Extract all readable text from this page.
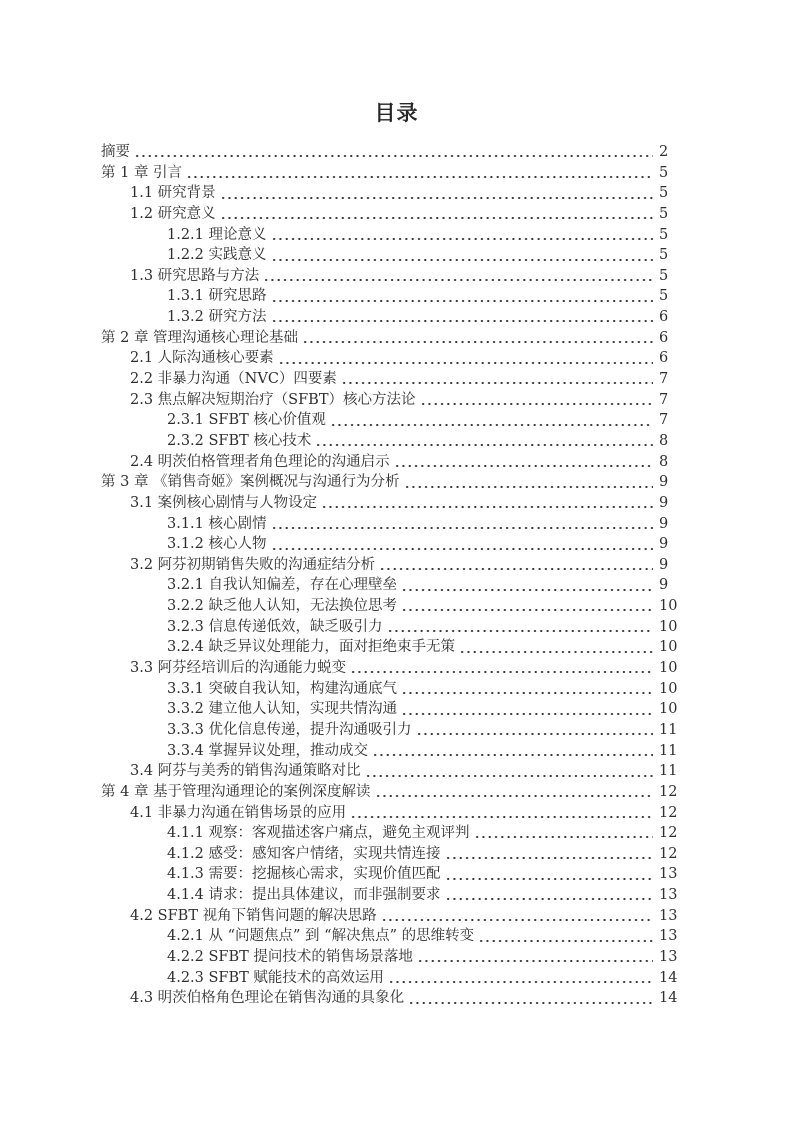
目录
摘要	2
第 1 章 引言	5
1.1 研究背景	5
1.2 研究意义	5
1.2.1 理论意义	5
1.2.2 实践意义	5
1.3 研究思路与方法	5
1.3.1 研究思路	5
1.3.2 研究方法	6
第 2 章 管理沟通核心理论基础	6
2.1 人际沟通核心要素	6
2.2 非暴力沟通（NVC）四要素	7
2.3 焦点解决短期治疗（SFBT）核心方法论	7
2.3.1 SFBT 核心价值观	7
2.3.2 SFBT 核心技术	8
2.4 明茨伯格管理者角色理论的沟通启示	8
第 3 章 《销售奇姬》案例概况与沟通行为分析	9
3.1 案例核心剧情与人物设定	9
3.1.1 核心剧情	9
3.1.2 核心人物	9
3.2 阿芬初期销售失败的沟通症结分析	9
3.2.1 自我认知偏差，存在心理壁垒	9
3.2.2 缺乏他人认知，无法换位思考	10
3.2.3 信息传递低效，缺乏吸引力	10
3.2.4 缺乏异议处理能力，面对拒绝束手无策	10
3.3 阿芬经培训后的沟通能力蜕变	10
3.3.1 突破自我认知，构建沟通底气	10
3.3.2 建立他人认知，实现共情沟通	10
3.3.3 优化信息传递，提升沟通吸引力	11
3.3.4 掌握异议处理，推动成交	11
3.4 阿芬与美秀的销售沟通策略对比	11
第 4 章 基于管理沟通理论的案例深度解读	12
4.1 非暴力沟通在销售场景的应用	12
4.1.1 观察：客观描述客户痛点，避免主观评判	12
4.1.2 感受：感知客户情绪，实现共情连接	12
4.1.3 需要：挖掘核心需求，实现价值匹配	13
4.1.4 请求：提出具体建议，而非强制要求	13
4.2 SFBT 视角下销售问题的解决思路	13
4.2.1 从 “问题焦点” 到 “解决焦点” 的思维转变	13
4.2.2 SFBT 提问技术的销售场景落地	13
4.2.3 SFBT 赋能技术的高效运用	14
4.3 明茨伯格角色理论在销售沟通的具象化	14
